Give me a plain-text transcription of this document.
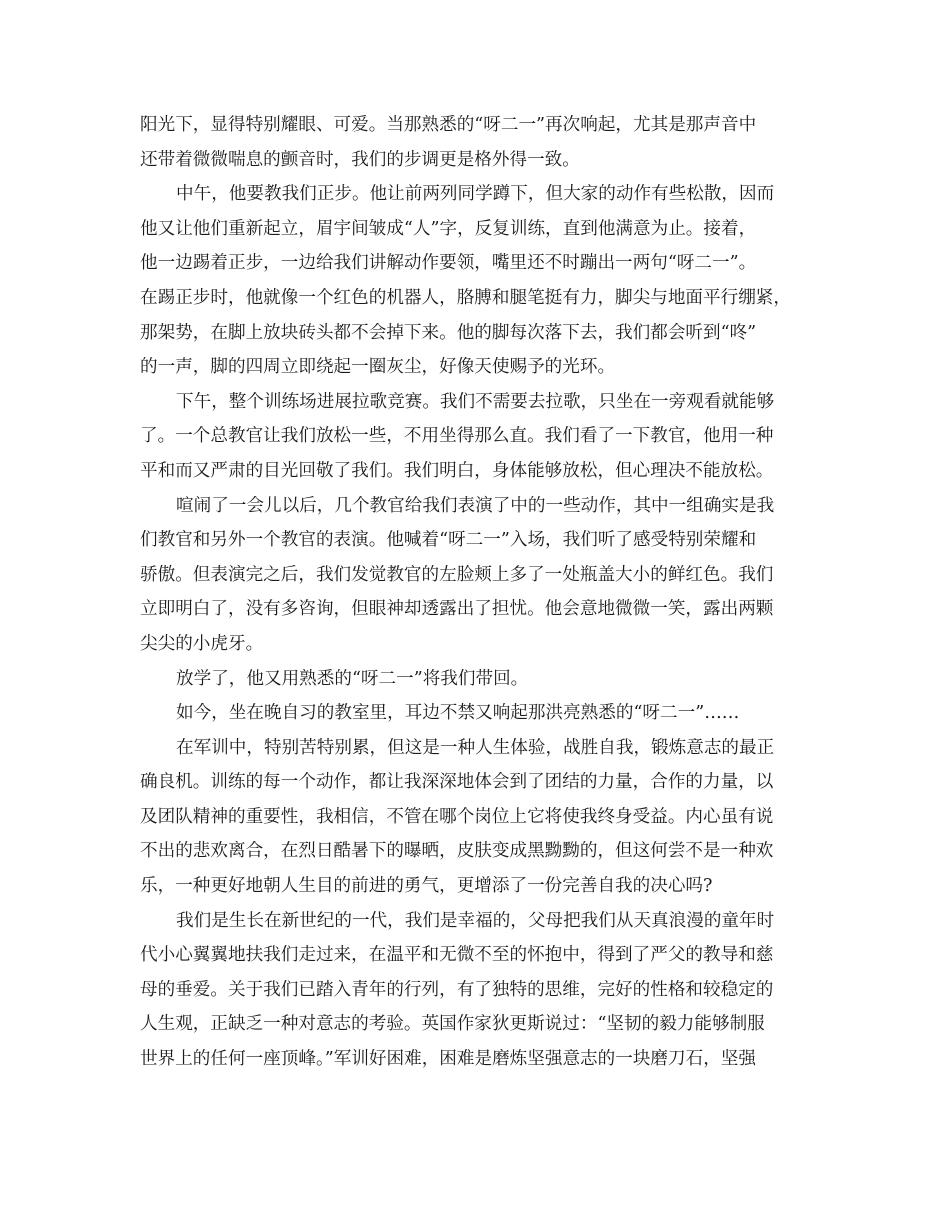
阳光下，显得特别耀眼、可爱。当那熟悉的“呀二一”再次响起，尤其是那声音中
还带着微微喘息的颤音时，我们的步调更是格外得一致。
中午，他要教我们正步。他让前两列同学蹲下，但大家的动作有些松散，因而
他又让他们重新起立，眉宇间皱成“人”字，反复训练，直到他满意为止。接着，
他一边踢着正步，一边给我们讲解动作要领，嘴里还不时蹦出一两句“呀二一”。
在踢正步时，他就像一个红色的机器人，胳膊和腿笔挺有力，脚尖与地面平行绷紧，
那架势，在脚上放块砖头都不会掉下来。他的脚每次落下去，我们都会听到“咚”
的一声，脚的四周立即绕起一圈灰尘，好像天使赐予的光环。
下午，整个训练场进展拉歌竞赛。我们不需要去拉歌，只坐在一旁观看就能够
了。一个总教官让我们放松一些，不用坐得那么直。我们看了一下教官，他用一种
平和而又严肃的目光回敬了我们。我们明白，身体能够放松，但心理决不能放松。
喧闹了一会儿以后，几个教官给我们表演了中的一些动作，其中一组确实是我
们教官和另外一个教官的表演。他喊着“呀二一”入场，我们听了感受特别荣耀和
骄傲。但表演完之后，我们发觉教官的左脸颊上多了一处瓶盖大小的鲜红色。我们
立即明白了，没有多咨询，但眼神却透露出了担忧。他会意地微微一笑，露出两颗
尖尖的小虎牙。
放学了，他又用熟悉的“呀二一”将我们带回。
如今，坐在晚自习的教室里，耳边不禁又响起那洪亮熟悉的“呀二一”……
在军训中，特别苦特别累，但这是一种人生体验，战胜自我，锻炼意志的最正
确良机。训练的每一个动作，都让我深深地体会到了团结的力量，合作的力量，以
及团队精神的重要性，我相信，不管在哪个岗位上它将使我终身受益。内心虽有说
不出的悲欢离合，在烈日酷暑下的曝晒，皮肤变成黑黝黝的，但这何尝不是一种欢
乐，一种更好地朝人生目的前进的勇气，更增添了一份完善自我的决心吗?
我们是生长在新世纪的一代，我们是幸福的，父母把我们从天真浪漫的童年时
代小心翼翼地扶我们走过来，在温平和无微不至的怀抱中，得到了严父的教导和慈
母的垂爱。关于我们已踏入青年的行列，有了独特的思维，完好的性格和较稳定的
人生观，正缺乏一种对意志的考验。英国作家狄更斯说过：“坚韧的毅力能够制服
世界上的任何一座顶峰。”军训好困难，困难是磨炼坚强意志的一块磨刀石，坚强
